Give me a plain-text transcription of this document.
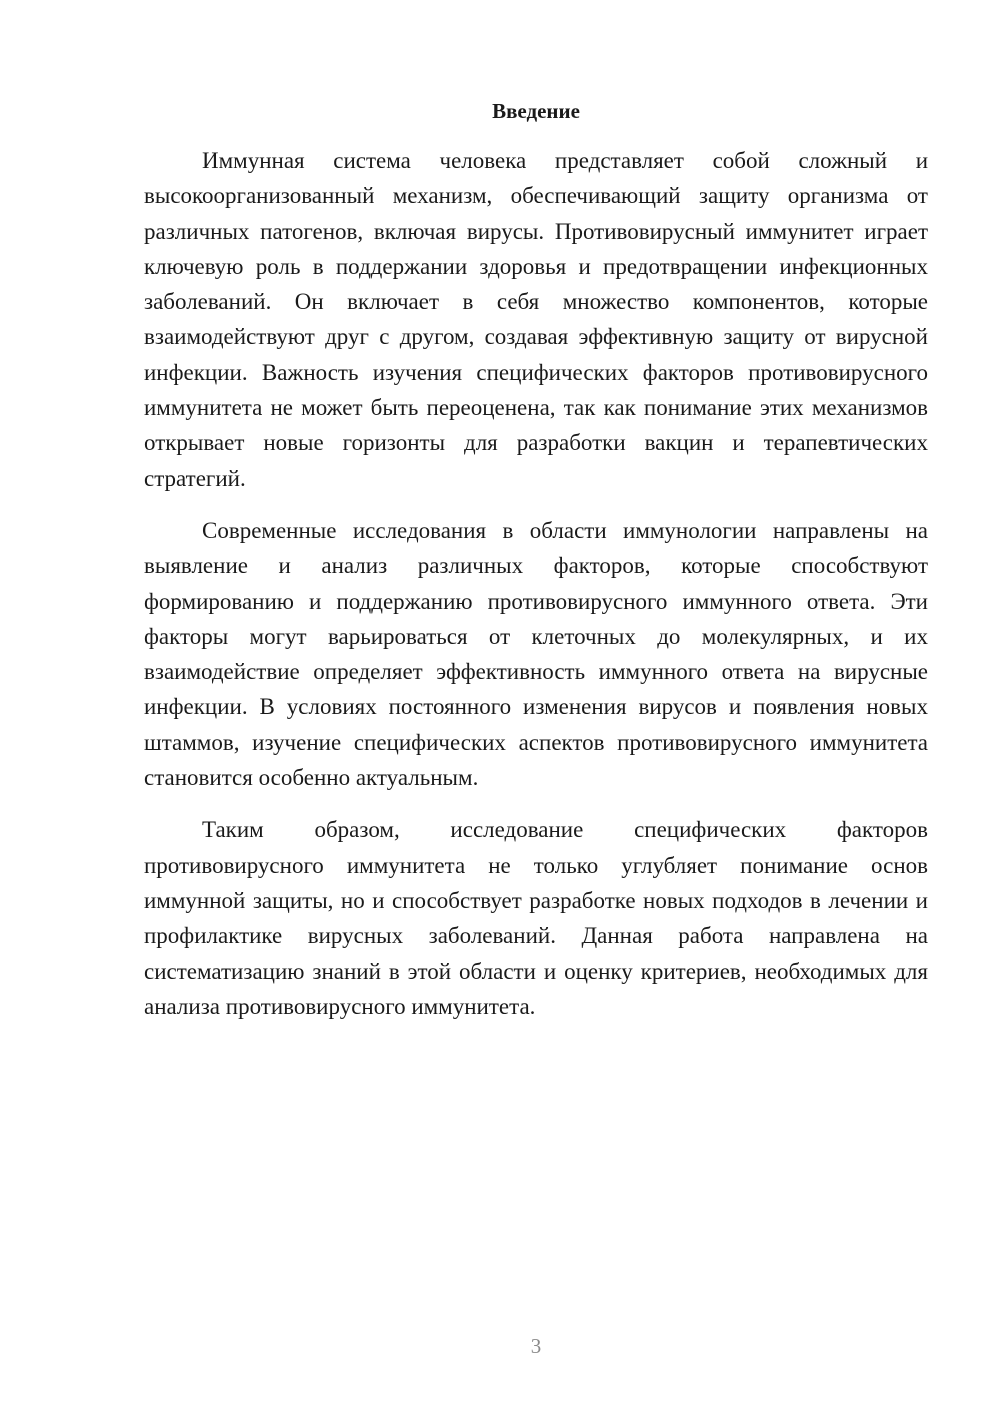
Введение

Иммунная система человека представляет собой сложный и высокоорганизованный механизм, обеспечивающий защиту организма от различных патогенов, включая вирусы. Противовирусный иммунитет играет ключевую роль в поддержании здоровья и предотвращении инфекционных заболеваний. Он включает в себя множество компонентов, которые взаимодействуют друг с другом, создавая эффективную защиту от вирусной инфекции. Важность изучения специфических факторов противовирусного иммунитета не может быть переоценена, так как понимание этих механизмов открывает новые горизонты для разработки вакцин и терапевтических стратегий.

Современные исследования в области иммунологии направлены на выявление и анализ различных факторов, которые способствуют формированию и поддержанию противовирусного иммунного ответа. Эти факторы могут варьироваться от клеточных до молекулярных, и их взаимодействие определяет эффективность иммунного ответа на вирусные инфекции. В условиях постоянного изменения вирусов и появления новых штаммов, изучение специфических аспектов противовирусного иммунитета становится особенно актуальным.

Таким образом, исследование специфических факторов противовирусного иммунитета не только углубляет понимание основ иммунной защиты, но и способствует разработке новых подходов в лечении и профилактике вирусных заболеваний. Данная работа направлена на систематизацию знаний в этой области и оценку критериев, необходимых для анализа противовирусного иммунитета.

3
